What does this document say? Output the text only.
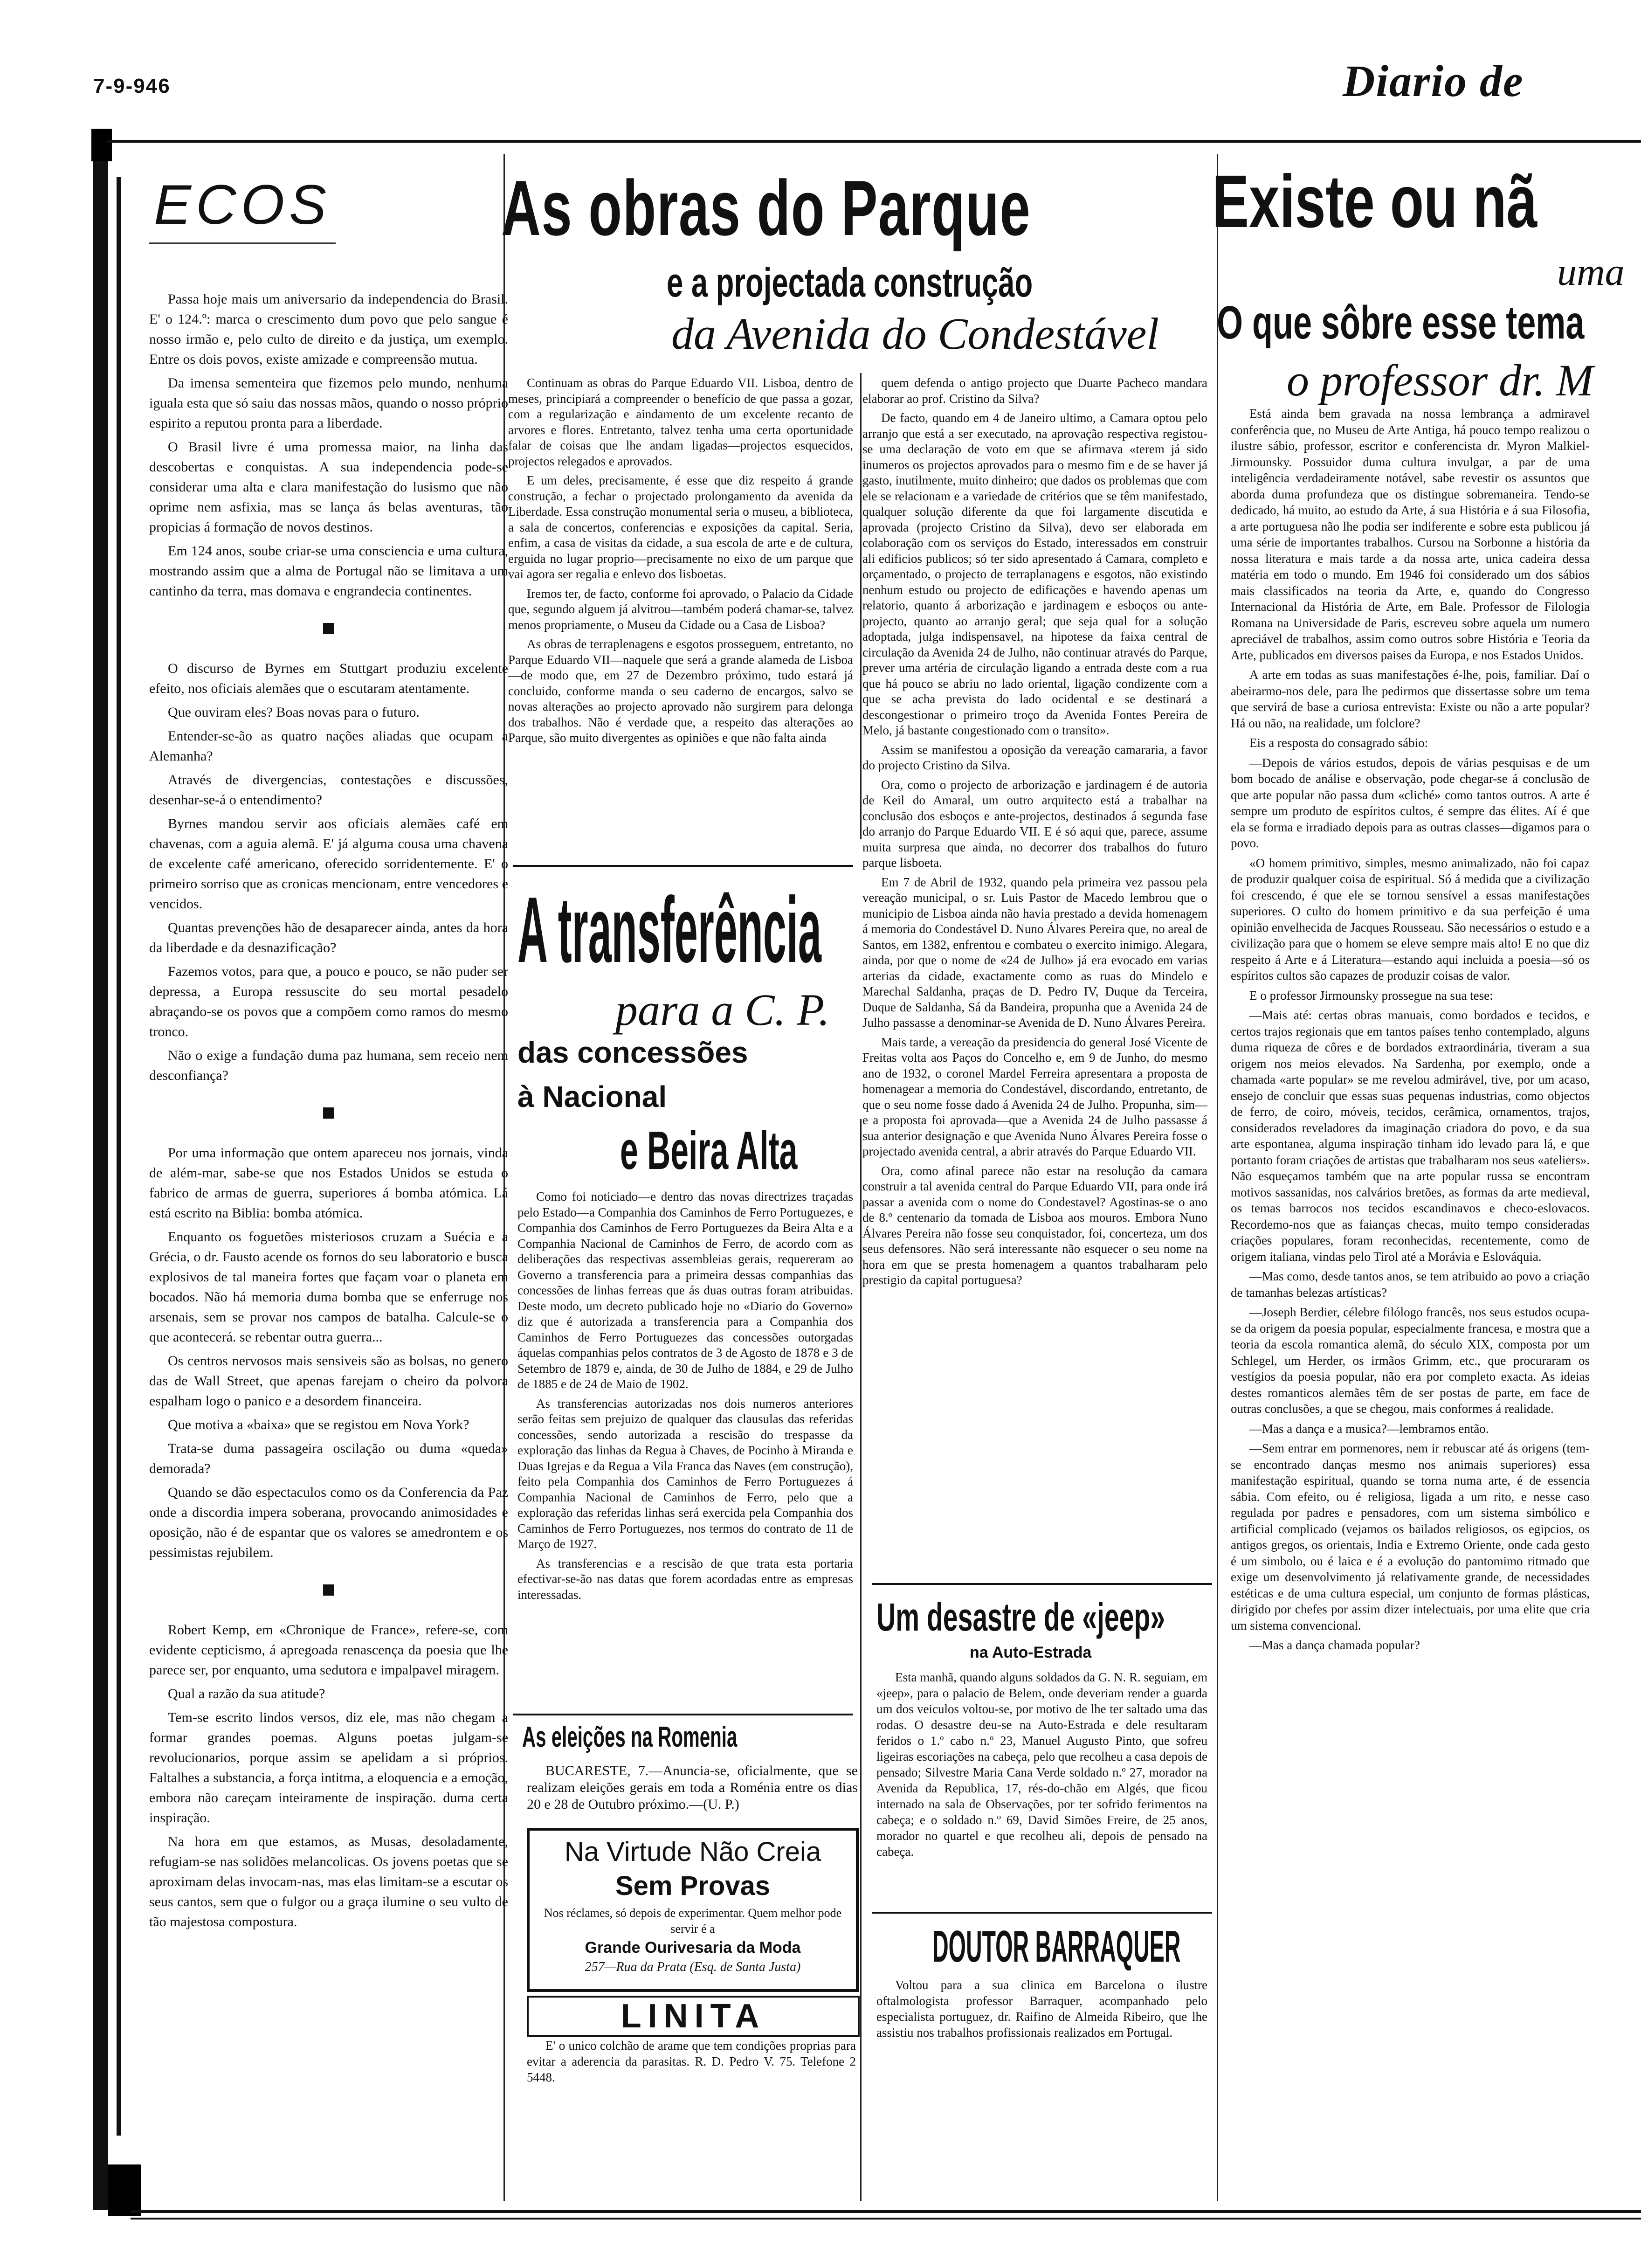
7-9-946	Diario de
ECOS

Passa hoje mais um aniversario da independencia do Brasil. E' o 124.º: marca o crescimento dum povo que pelo sangue é nosso irmão e, pelo culto de direito e da justiça, um exemplo. Entre os dois povos, existe amizade e compreensão mutua.

Da imensa sementeira que fizemos pelo mundo, nenhuma iguala esta que só saiu das nossas mãos, quando o nosso próprio espirito a reputou pronta para a liberdade.

O Brasil livre é uma promessa maior, na linha das descobertas e conquistas. A sua independencia pode-se considerar uma alta e clara manifestação do lusismo que não oprime nem asfixia, mas se lança ás belas aventuras, tão propicias á formação de novos destinos.

Em 124 anos, soube criar-se uma consciencia e uma cultura, mostrando assim que a alma de Portugal não se limitava a um cantinho da terra, mas domava e engrandecia continentes.

O discurso de Byrnes em Stuttgart produziu excelente efeito, nos oficiais alemães que o escutaram atentamente.

Que ouviram eles? Boas novas para o futuro.

Entender-se-ão as quatro nações aliadas que ocupam a Alemanha?

Através de divergencias, contestações e discussões, desenhar-se-á o entendimento?

Byrnes mandou servir aos oficiais alemães café em chavenas, com a aguia alemã. E' já alguma cousa uma chavena de excelente café americano, oferecido sorridentemente. E' o primeiro sorriso que as cronicas mencionam, entre vencedores e vencidos.

Quantas prevenções hão de desaparecer ainda, antes da hora da liberdade e da desnazificação?

Fazemos votos, para que, a pouco e pouco, se não puder ser depressa, a Europa ressuscite do seu mortal pesadelo abraçando-se os povos que a compõem como ramos do mesmo tronco.

Não o exige a fundação duma paz humana, sem receio nem desconfiança?

Por uma informação que ontem apareceu nos jornais, vinda de além-mar, sabe-se que nos Estados Unidos se estuda o fabrico de armas de guerra, superiores á bomba atómica. Lá está escrito na Biblia: bomba atómica.

Enquanto os foguetões misteriosos cruzam a Suécia e a Grécia, o dr. Fausto acende os fornos do seu laboratorio e busca explosivos de tal maneira fortes que façam voar o planeta em bocados. Não há memoria duma bomba que se enferruge nos arsenais, sem se provar nos campos de batalha. Calcule-se o que acontecerá. se rebentar outra guerra...

Os centros nervosos mais sensiveis são as bolsas, no genero das de Wall Street, que apenas farejam o cheiro da polvora espalham logo o panico e a desordem financeira.

Que motiva a «baixa» que se registou em Nova York?

Trata-se duma passageira oscilação ou duma «queda» demorada?

Quando se dão espectaculos como os da Conferencia da Paz onde a discordia impera soberana, provocando animosidades e oposição, não é de espantar que os valores se amedrontem e os pessimistas rejubilem.

Robert Kemp, em «Chronique de France», refere-se, com evidente cepticismo, á apregoada renascença da poesia que lhe parece ser, por enquanto, uma sedutora e impalpavel miragem.

Qual a razão da sua atitude?

Tem-se escrito lindos versos, diz ele, mas não chegam a formar grandes poemas. Alguns poetas julgam-se revolucionarios, porque assim se apelidam a si próprios. Faltalhes a substancia, a força intitma, a eloquencia e a emoção, embora não careçam inteiramente de inspiração. duma certa inspiração.

Na hora em que estamos, as Musas, desoladamente, refugiam-se nas solidões melancolicas. Os jovens poetas que se aproximam delas invocam-nas, mas elas limitam-se a escutar os seus cantos, sem que o fulgor ou a graça ilumine o seu vulto de tão majestosa compostura.

As obras do Parque
e a projectada construção
da Avenida do Condestável

Continuam as obras do Parque Eduardo VII. Lisboa, dentro de meses, principiará a compreender o benefício de que passa a gozar, com a regularização e aindamento de um excelente recanto de arvores e flores. Entretanto, talvez tenha uma certa oportunidade falar de coisas que lhe andam ligadas—projectos esquecidos, projectos relegados e aprovados.

E um deles, precisamente, é esse que diz respeito á grande construção, a fechar o projectado prolongamento da avenida da Liberdade. Essa construção monumental seria o museu, a biblioteca, a sala de concertos, conferencias e exposições da capital. Seria, enfim, a casa de visitas da cidade, a sua escola de arte e de cultura, erguida no lugar proprio—precisamente no eixo de um parque que vai agora ser regalia e enlevo dos lisboetas.

Iremos ter, de facto, conforme foi aprovado, o Palacio da Cidade que, segundo alguem já alvitrou—também poderá chamar-se, talvez menos propriamente, o Museu da Cidade ou a Casa de Lisboa?

As obras de terraplenagens e esgotos prosseguem, entretanto, no Parque Eduardo VII—naquele que será a grande alameda de Lisboa—de modo que, em 27 de Dezembro próximo, tudo estará já concluido, conforme manda o seu caderno de encargos, salvo se novas alterações ao projecto aprovado não surgirem para delonga dos trabalhos. Não é verdade que, a respeito das alterações ao Parque, são muito divergentes as opiniões e que não falta ainda

quem defenda o antigo projecto que Duarte Pacheco mandara elaborar ao prof. Cristino da Silva?

De facto, quando em 4 de Janeiro ultimo, a Camara optou pelo arranjo que está a ser executado, na aprovação respectiva registou-se uma declaração de voto em que se afirmava «terem já sido inumeros os projectos aprovados para o mesmo fim e de se haver já gasto, inutilmente, muito dinheiro; que dados os problemas que com ele se relacionam e a variedade de critérios que se têm manifestado, qualquer solução diferente da que foi largamente discutida e aprovada (projecto Cristino da Silva), devo ser elaborada em colaboração com os serviços do Estado, interessados em construir ali edificios publicos; só ter sido apresentado á Camara, completo e orçamentado, o projecto de terraplanagens e esgotos, não existindo nenhum estudo ou projecto de edificações e havendo apenas um relatorio, quanto á arborização e jardinagem e esboços ou ante-projecto, quanto ao arranjo geral; que seja qual for a solução adoptada, julga indispensavel, na hipotese da faixa central de circulação da Avenida 24 de Julho, não continuar através do Parque, prever uma artéria de circulação ligando a entrada deste com a rua que há pouco se abriu no lado oriental, ligação condizente com a que se acha prevista do lado ocidental e se destinará a descongestionar o primeiro troço da Avenida Fontes Pereira de Melo, já bastante congestionado com o transito».

Assim se manifestou a oposição da vereação camararia, a favor do projecto Cristino da Silva.

Ora, como o projecto de arborização e jardinagem é de autoria de Keil do Amaral, um outro arquitecto está a trabalhar na conclusão dos esboços e ante-projectos, destinados á segunda fase do arranjo do Parque Eduardo VII. E é só aqui que, parece, assume muita surpresa que ainda, no decorrer dos trabalhos do futuro parque lisboeta.

Em 7 de Abril de 1932, quando pela primeira vez passou pela vereação municipal, o sr. Luis Pastor de Macedo lembrou que o municipio de Lisboa ainda não havia prestado a devida homenagem á memoria do Condestável D. Nuno Álvares Pereira que, no areal de Santos, em 1382, enfrentou e combateu o exercito inimigo. Alegara, ainda, por que o nome de «24 de Julho» já era evocado em varias arterias da cidade, exactamente como as ruas do Mindelo e Marechal Saldanha, praças de D. Pedro IV, Duque da Terceira, Duque de Saldanha, Sá da Bandeira, propunha que a Avenida 24 de Julho passasse a denominar-se Avenida de D. Nuno Álvares Pereira.

Mais tarde, a vereação da presidencia do general José Vicente de Freitas volta aos Paços do Concelho e, em 9 de Junho, do mesmo ano de 1932, o coronel Mardel Ferreira apresentara a proposta de homenagear a memoria do Condestável, discordando, entretanto, de que o seu nome fosse dado á Avenida 24 de Julho. Propunha, sim—e a proposta foi aprovada—que a Avenida 24 de Julho passasse á sua anterior designação e que Avenida Nuno Álvares Pereira fosse o projectado avenida central, a abrir através do Parque Eduardo VII.

Ora, como afinal parece não estar na resolução da camara construir a tal avenida central do Parque Eduardo VII, para onde irá passar a avenida com o nome do Condestavel? Agostinas-se o ano de 8.º centenario da tomada de Lisboa aos mouros. Embora Nuno Álvares Pereira não fosse seu conquistador, foi, concerteza, um dos seus defensores. Não será interessante não esquecer o seu nome na hora em que se presta homenagem a quantos trabalharam pelo prestigio da capital portuguesa?

A transferência
para a C. P.
das concessões
à Nacional
e Beira Alta

Como foi noticiado—e dentro das novas directrizes traçadas pelo Estado—a Companhia dos Caminhos de Ferro Portuguezes, e Companhia dos Caminhos de Ferro Portuguezes da Beira Alta e a Companhia Nacional de Caminhos de Ferro, de acordo com as deliberações das respectivas assembleias gerais, requereram ao Governo a transferencia para a primeira dessas companhias das concessões de linhas ferreas que ás duas outras foram atribuidas. Deste modo, um decreto publicado hoje no «Diario do Governo» diz que é autorizada a transferencia para a Companhia dos Caminhos de Ferro Portuguezes das concessões outorgadas áquelas companhias pelos contratos de 3 de Agosto de 1878 e 3 de Setembro de 1879 e, ainda, de 30 de Julho de 1884, e 29 de Julho de 1885 e de 24 de Maio de 1902.

As transferencias autorizadas nos dois numeros anteriores serão feitas sem prejuizo de qualquer das clausulas das referidas concessões, sendo autorizada a rescisão do trespasse da exploração das linhas da Regua à Chaves, de Pocinho à Miranda e Duas Igrejas e da Regua a Vila Franca das Naves (em construção), feito pela Companhia dos Caminhos de Ferro Portuguezes á Companhia Nacional de Caminhos de Ferro, pelo que a exploração das referidas linhas será exercida pela Companhia dos Caminhos de Ferro Portuguezes, nos termos do contrato de 11 de Março de 1927.

As transferencias e a rescisão de que trata esta portaria efectivar-se-ão nas datas que forem acordadas entre as empresas interessadas.

As eleições na Romenia

BUCARESTE, 7.—Anuncia-se, oficialmente, que se realizam eleições gerais em toda a Roménia entre os dias 20 e 28 de Outubro próximo.—(U. P.)

Na Virtude Não Creia
Sem Provas
Nos réclames, só depois de experimentar. Quem melhor pode servir é a
Grande Ourivesaria da Moda
257—Rua da Prata (Esq. de Santa Justa)
LINITA

E' o unico colchão de arame que tem condições proprias para evitar a aderencia da parasitas. R. D. Pedro V. 75. Telefone 2 5448.

Um desastre de «jeep»
na Auto-Estrada

Esta manhã, quando alguns soldados da G. N. R. seguiam, em «jeep», para o palacio de Belem, onde deveriam render a guarda um dos veiculos voltou-se, por motivo de lhe ter saltado uma das rodas. O desastre deu-se na Auto-Estrada e dele resultaram feridos o 1.º cabo n.º 23, Manuel Augusto Pinto, que sofreu ligeiras escoriações na cabeça, pelo que recolheu a casa depois de pensado; Silvestre Maria Cana Verde soldado n.º 27, morador na Avenida da Republica, 17, rés-do-chão em Algés, que ficou internado na sala de Observações, por ter sofrido ferimentos na cabeça; e o soldado n.º 69, David Simões Freire, de 25 anos, morador no quartel e que recolheu ali, depois de pensado na cabeça.

DOUTOR BARRAQUER

Voltou para a sua clinica em Barcelona o ilustre oftalmologista professor Barraquer, acompanhado pelo especialista portuguez, dr. Raifino de Almeida Ribeiro, que lhe assistiu nos trabalhos profissionais realizados em Portugal.

Existe ou nã
uma
O que sôbre esse tema
o professor dr. M

Está ainda bem gravada na nossa lembrança a admiravel conferência que, no Museu de Arte Antiga, há pouco tempo realizou o ilustre sábio, professor, escritor e conferencista dr. Myron Malkiel-Jirmounsky. Possuidor duma cultura invulgar, a par de uma inteligência verdadeiramente notável, sabe revestir os assuntos que aborda duma profundeza que os distingue sobremaneira. Tendo-se dedicado, há muito, ao estudo da Arte, á sua História e á sua Filosofia, a arte portuguesa não lhe podia ser indiferente e sobre esta publicou já uma série de importantes trabalhos. Cursou na Sorbonne a história da nossa literatura e mais tarde a da nossa arte, unica cadeira dessa matéria em todo o mundo. Em 1946 foi considerado um dos sábios mais classificados na teoria da Arte, e, quando do Congresso Internacional da História de Arte, em Bale. Professor de Filologia Romana na Universidade de Paris, escreveu sobre aquela um numero apreciável de trabalhos, assim como outros sobre História e Teoria da Arte, publicados em diversos paises da Europa, e nos Estados Unidos.

A arte em todas as suas manifestações é-lhe, pois, familiar. Daí o abeirarmo-nos dele, para lhe pedirmos que dissertasse sobre um tema que servirá de base a curiosa entrevista: Existe ou não a arte popular? Há ou não, na realidade, um folclore?

Eis a resposta do consagrado sábio:

—Depois de vários estudos, depois de várias pesquisas e de um bom bocado de análise e observação, pode chegar-se á conclusão de que arte popular não passa dum «cliché» como tantos outros. A arte é sempre um produto de espíritos cultos, é sempre das élites. Aí é que ela se forma e irradiado depois para as outras classes—digamos para o povo.

«O homem primitivo, simples, mesmo animalizado, não foi capaz de produzir qualquer coisa de espiritual. Só á medida que a civilização foi crescendo, é que ele se tornou sensível a essas manifestações superiores. O culto do homem primitivo e da sua perfeição é uma opinião envelhecida de Jacques Rousseau. São necessários o estudo e a civilização para que o homem se eleve sempre mais alto! E no que diz respeito á Arte e á Literatura—estando aqui incluida a poesia—só os espíritos cultos são capazes de produzir coisas de valor.

E o professor Jirmounsky prossegue na sua tese:

—Mais até: certas obras manuais, como bordados e tecidos, e certos trajos regionais que em tantos países tenho contemplado, alguns duma riqueza de côres e de bordados extraordinária, tiveram a sua origem nos meios elevados. Na Sardenha, por exemplo, onde a chamada «arte popular» se me revelou admirável, tive, por um acaso, ensejo de concluir que essas suas pequenas industrias, como objectos de ferro, de coiro, móveis, tecidos, cerâmica, ornamentos, trajos, considerados reveladores da imaginação criadora do povo, e da sua arte espontanea, alguma inspiração tinham ido levado para lá, e que portanto foram criações de artistas que trabalharam nos seus «ateliers». Não esqueçamos também que na arte popular russa se encontram motivos sassanidas, nos calvários bretões, as formas da arte medieval, os temas barrocos nos tecidos escandinavos e checo-eslovacos. Recordemo-nos que as faianças checas, muito tempo consideradas criações populares, foram reconhecidas, recentemente, como de origem italiana, vindas pelo Tirol até a Morávia e Eslováquia.

—Mas como, desde tantos anos, se tem atribuido ao povo a criação de tamanhas belezas artísticas?

—Joseph Berdier, célebre filólogo francês, nos seus estudos ocupa-se da origem da poesia popular, especialmente francesa, e mostra que a teoria da escola romantica alemã, do século XIX, composta por um Schlegel, um Herder, os irmãos Grimm, etc., que procuraram os vestígios da poesia popular, não era por completo exacta. As ideias destes romanticos alemães têm de ser postas de parte, em face de outras conclusões, a que se chegou, mais conformes á realidade.

—Mas a dança e a musica?—lembramos então.

—Sem entrar em pormenores, nem ir rebuscar até ás origens (tem-se encontrado danças mesmo nos animais superiores) essa manifestação espiritual, quando se torna numa arte, é de essencia sábia. Com efeito, ou é religiosa, ligada a um rito, e nesse caso regulada por padres e pensadores, com um sistema simbólico e artificial complicado (vejamos os bailados religiosos, os egipcios, os antigos gregos, os orientais, India e Extremo Oriente, onde cada gesto é um simbolo, ou é laica e é a evolução do pantomimo ritmado que exige um desenvolvimento já relativamente grande, de necessidades estéticas e de uma cultura especial, um conjunto de formas plásticas, dirigido por chefes por assim dizer intelectuais, por uma elite que cria um sistema convencional.

—Mas a dança chamada popular?
